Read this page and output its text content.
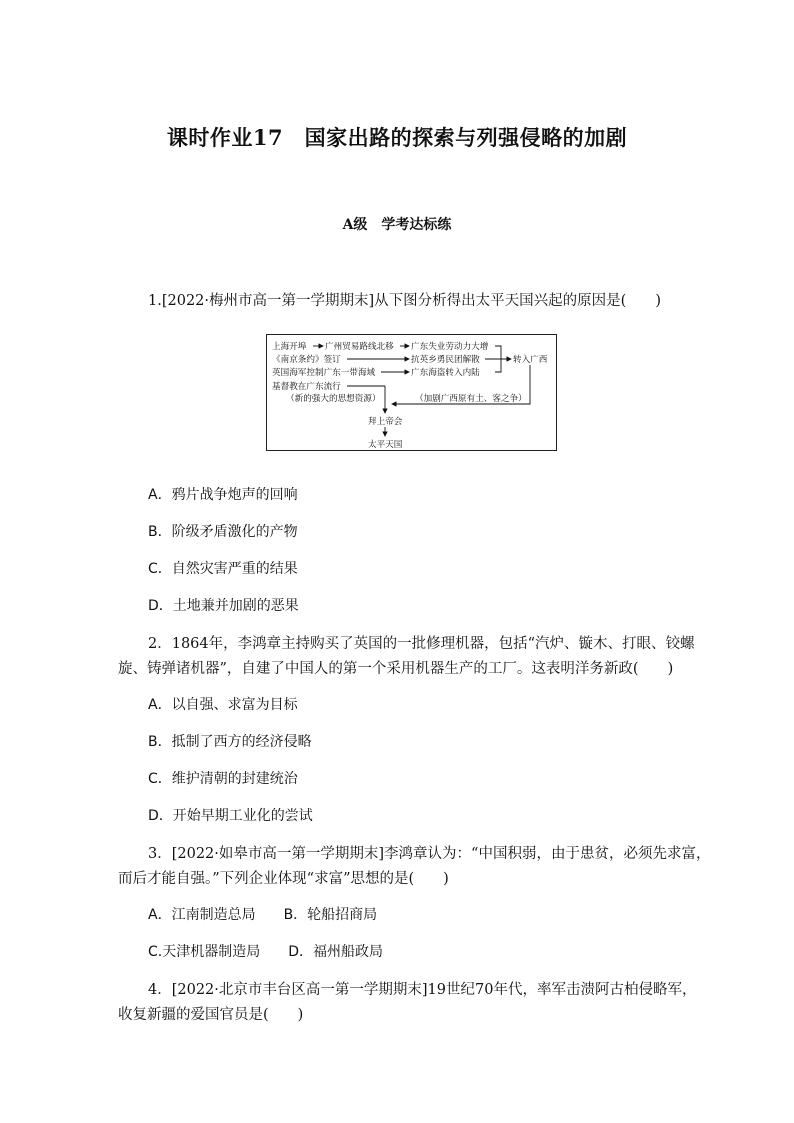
课时作业17　国家出路的探索与列强侵略的加剧
A级　学考达标练
1.[2022·梅州市高一第一学期期末]从下图分析得出太平天国兴起的原因是(　　)
上海开埠 广州贸易路线北移 广东失业劳动力大增
《南京条约》签订	抗英乡勇民团解散	转入广西
英国海军控制广东一带海域	广东海盗转入内陆
基督教在广东流行
（新的强大的思想资源）	（加剧广西原有土、客之争）
拜上帝会
太平天国
A．鸦片战争炮声的回响
B．阶级矛盾激化的产物
C．自然灾害严重的结果
D．土地兼并加剧的恶果
2．1864年，李鸿章主持购买了英国的一批修理机器，包括“汽炉、镟木、打眼、铰螺
旋、铸弹诸机器”，自建了中国人的第一个采用机器生产的工厂。这表明洋务新政(　　)
A．以自强、求富为目标
B．抵制了西方的经济侵略
C．维护清朝的封建统治
D．开始早期工业化的尝试
3．[2022·如皋市高一第一学期期末]李鸿章认为：“中国积弱，由于患贫，必须先求富，
而后才能自强。”下列企业体现“求富”思想的是(　　)
A．江南制造总局　　B．轮船招商局
C.天津机器制造局　　D．福州船政局
4．[2022·北京市丰台区高一第一学期期末]19世纪70年代，率军击溃阿古柏侵略军，
收复新疆的爱国官员是(　　)
